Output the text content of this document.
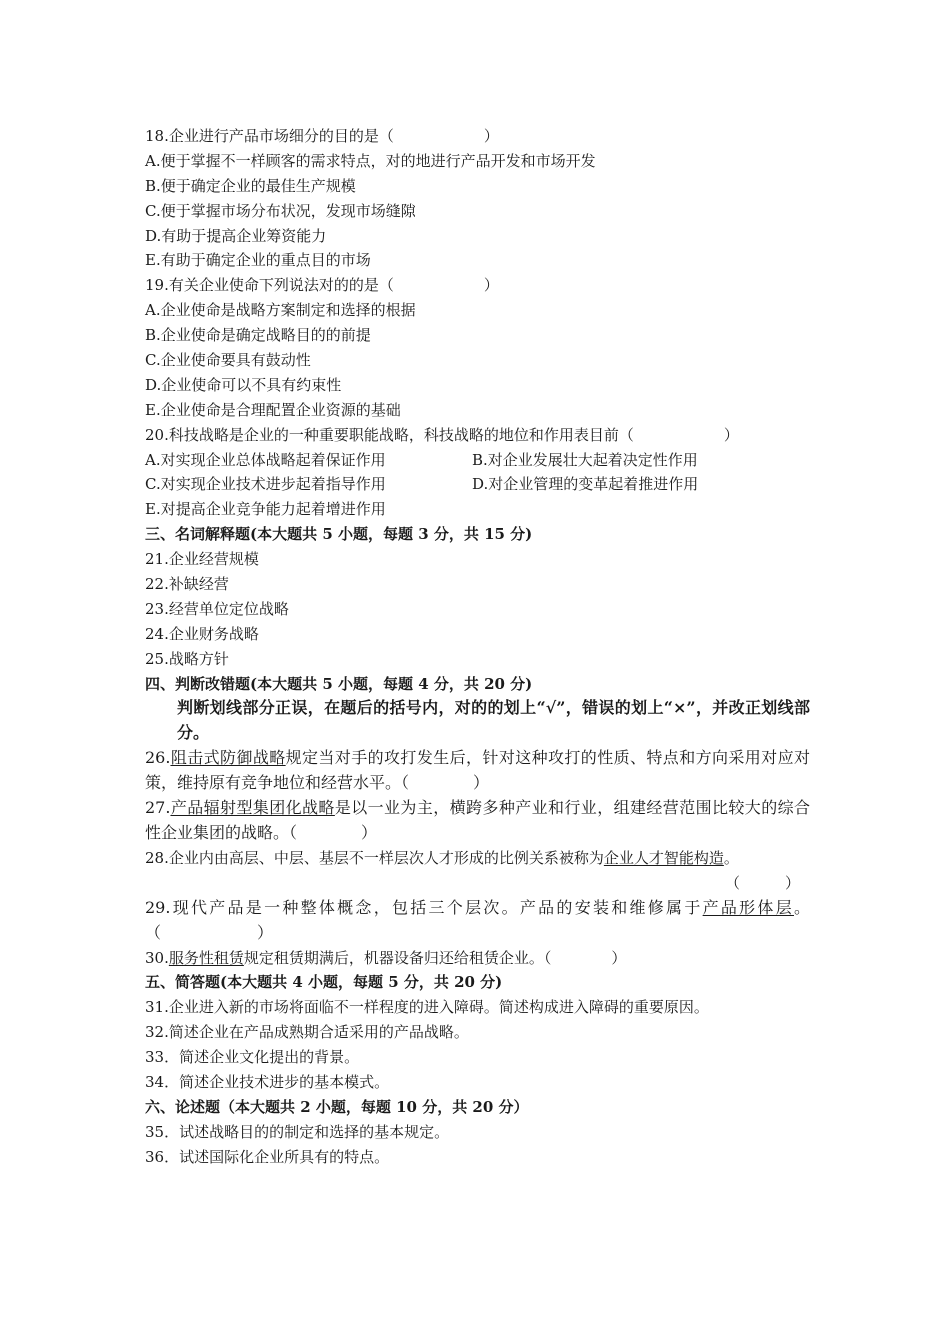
18.企业进行产品市场细分的目的是（　　　　　　）
A.便于掌握不一样顾客的需求特点，对的地进行产品开发和市场开发
B.便于确定企业的最佳生产规模
C.便于掌握市场分布状况，发现市场缝隙
D.有助于提高企业筹资能力
E.有助于确定企业的重点目的市场
19.有关企业使命下列说法对的的是（　　　　　　）
A.企业使命是战略方案制定和选择的根据
B.企业使命是确定战略目的的前提
C.企业使命要具有鼓动性
D.企业使命可以不具有约束性
E.企业使命是合理配置企业资源的基础
20.科技战略是企业的一种重要职能战略，科技战略的地位和作用表目前（　　　　　　）
A.对实现企业总体战略起着保证作用	B.对企业发展壮大起着决定性作用
C.对实现企业技术进步起着指导作用	D.对企业管理的变革起着推进作用
E.对提高企业竞争能力起着增进作用
三、名词解释题(本大题共 5 小题，每题 3 分，共 15 分)
21.企业经营规模
22.补缺经营
23.经营单位定位战略
24.企业财务战略
25.战略方针
四、判断改错题(本大题共 5 小题，每题 4 分，共 20 分)
判断划线部分正误，在题后的括号内，对的的划上“√”，错误的划上“×”，并改正划线部分。
26.阻击式防御战略规定当对手的攻打发生后，针对这种攻打的性质、特点和方向采用对应对策，维持原有竞争地位和经营水平。（　　　　）
27.产品辐射型集团化战略是以一业为主，横跨多种产业和行业，组建经营范围比较大的综合性企业集团的战略。（　　　　）
28.企业内由高层、中层、基层不一样层次人才形成的比例关系被称为企业人才智能构造。
（　　　）
29.现代产品是一种整体概念，包括三个层次。产品的安装和维修属于产品形体层。（　　　　　　）
30.服务性租赁规定租赁期满后，机器设备归还给租赁企业。（　　　　）
五、简答题(本大题共 4 小题，每题 5 分，共 20 分)
31.企业进入新的市场将面临不一样程度的进入障碍。简述构成进入障碍的重要原因。
32.简述企业在产品成熟期合适采用的产品战略。
33．简述企业文化提出的背景。
34．简述企业技术进步的基本模式。
六、论述题（本大题共 2 小题，每题 10 分，共 20 分）
35．试述战略目的的制定和选择的基本规定。
36．试述国际化企业所具有的特点。
